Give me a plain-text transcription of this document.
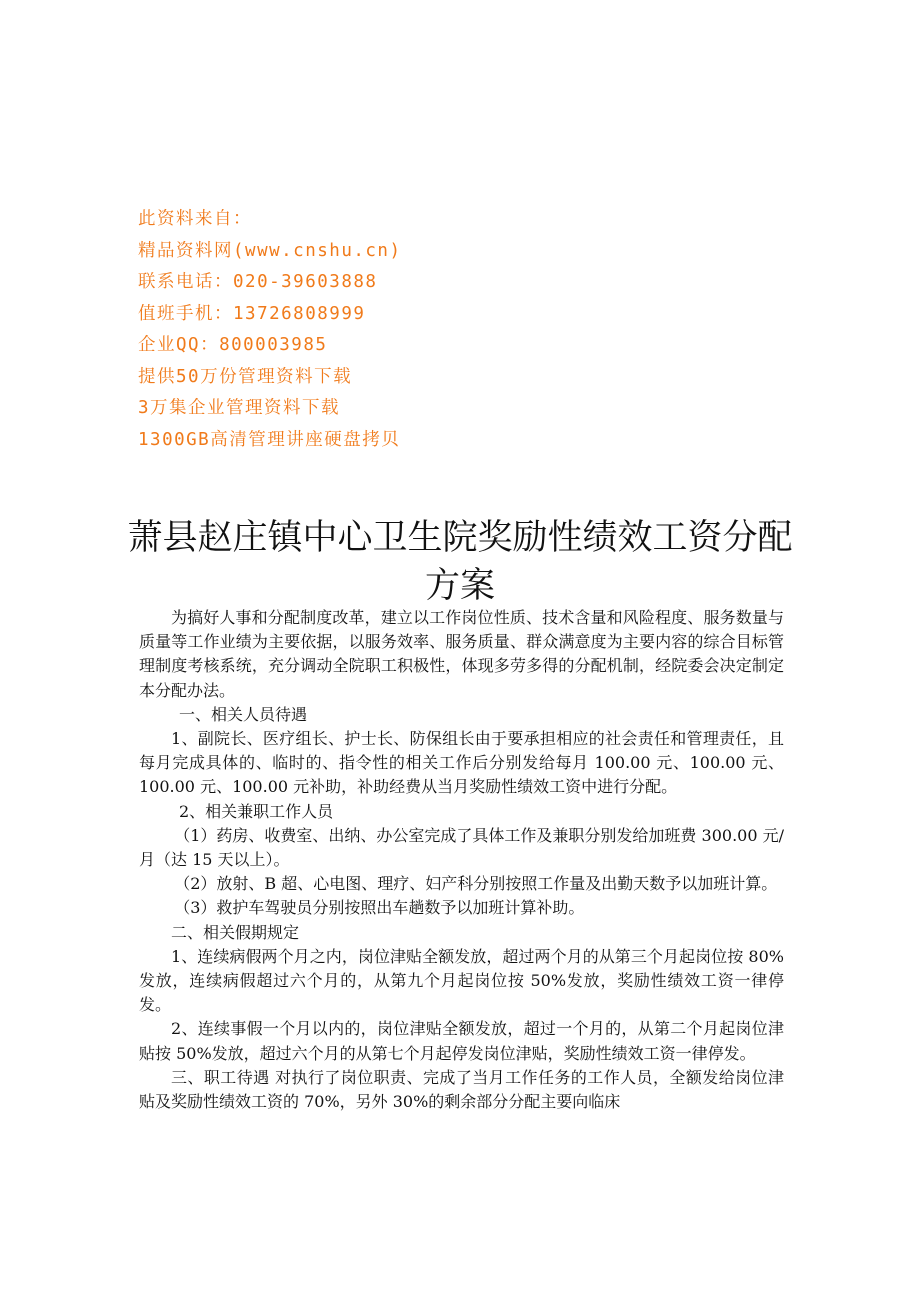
此资料来自：
精品资料网(www.cnshu.cn)
联系电话：020-39603888
值班手机：13726808999
企业QQ：800003985
提供50万份管理资料下载
3万集企业管理资料下载
1300GB高清管理讲座硬盘拷贝
萧县赵庄镇中心卫生院奖励性绩效工资分配
方案

为搞好人事和分配制度改革，建立以工作岗位性质、技术含量和风险程度、服务数量与质量等工作业绩为主要依据，以服务效率、服务质量、群众满意度为主要内容的综合目标管理制度考核系统，充分调动全院职工积极性，体现多劳多得的分配机制，经院委会决定制定本分配办法。

一、相关人员待遇

1、副院长、医疗组长、护士长、防保组长由于要承担相应的社会责任和管理责任，且每月完成具体的、临时的、指令性的相关工作后分别发给每月 100.00 元、100.00 元、100.00 元、100.00 元补助，补助经费从当月奖励性绩效工资中进行分配。

2、相关兼职工作人员

（1）药房、收费室、出纳、办公室完成了具体工作及兼职分别发给加班费 300.00 元/月（达 15 天以上）。

（2）放射、B 超、心电图、理疗、妇产科分别按照工作量及出勤天数予以加班计算。

（3）救护车驾驶员分别按照出车趟数予以加班计算补助。

二、相关假期规定

1、连续病假两个月之内，岗位津贴全额发放，超过两个月的从第三个月起岗位按 80%发放，连续病假超过六个月的，从第九个月起岗位按 50%发放，奖励性绩效工资一律停发。

2、连续事假一个月以内的，岗位津贴全额发放，超过一个月的，从第二个月起岗位津贴按 50%发放，超过六个月的从第七个月起停发岗位津贴，奖励性绩效工资一律停发。

三、职工待遇 对执行了岗位职责、完成了当月工作任务的工作人员，全额发给岗位津贴及奖励性绩效工资的 70%，另外 30%的剩余部分分配主要向临床
